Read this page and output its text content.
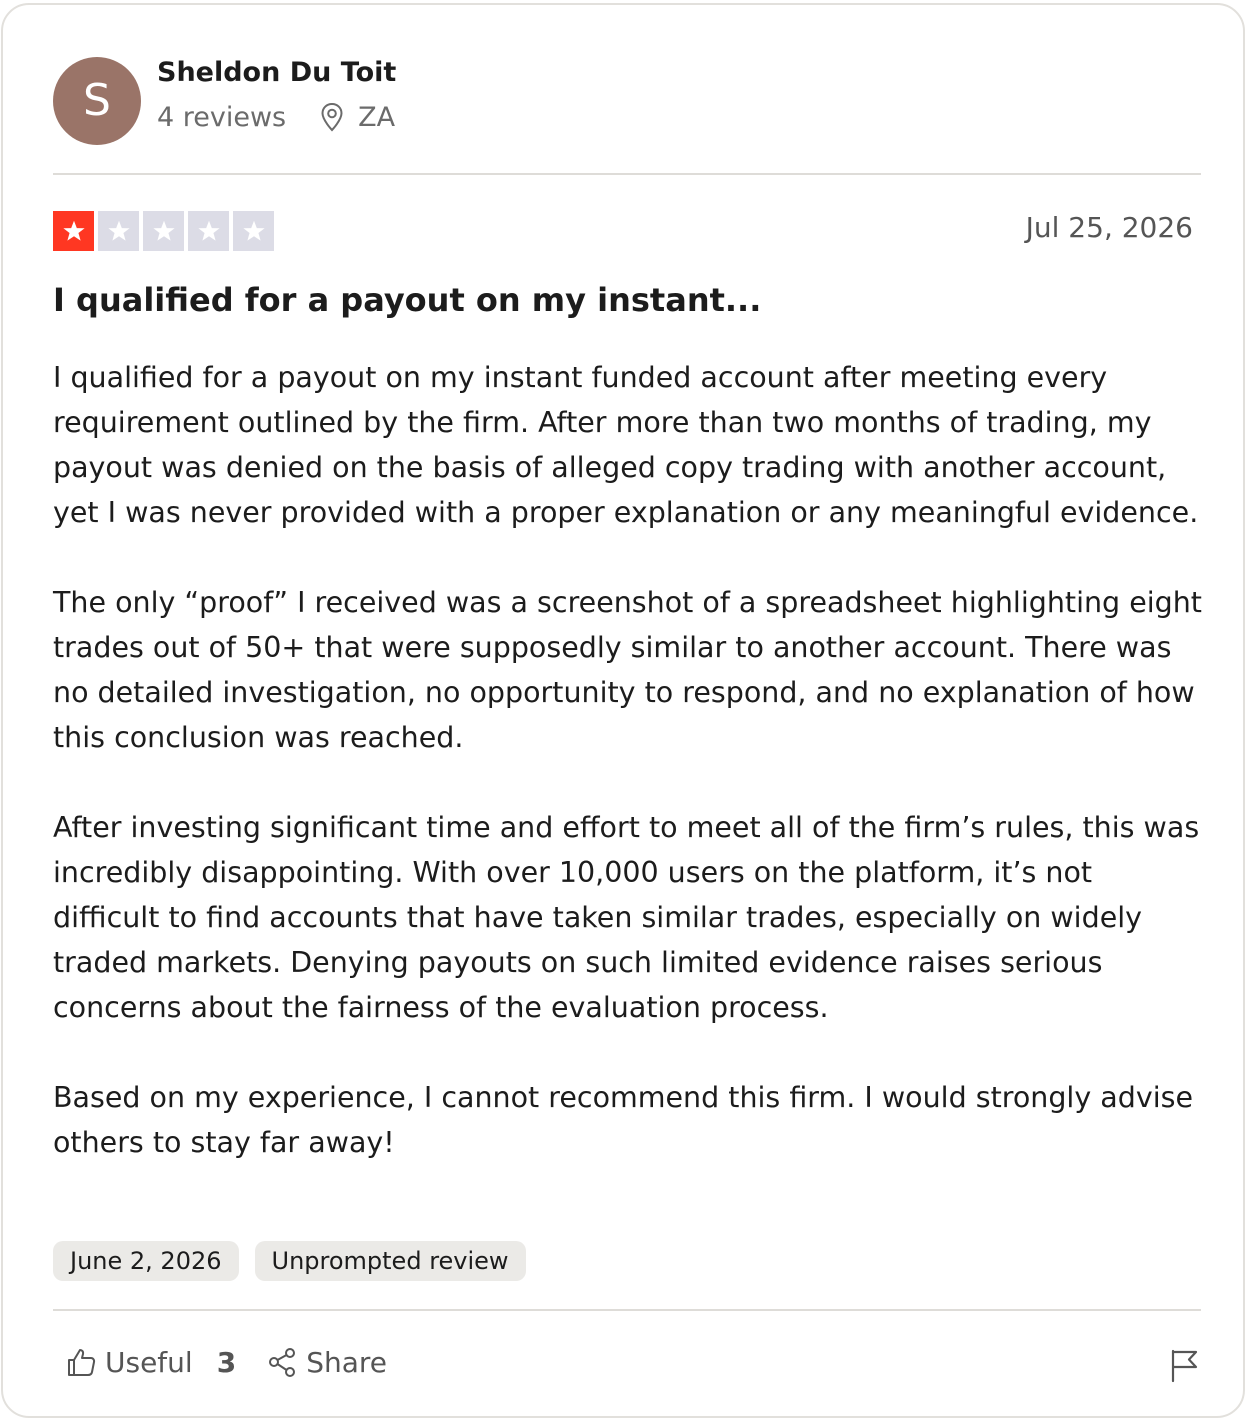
S
Sheldon Du Toit
4 reviews	ZA
Jul 25, 2026
I qualified for a payout on my instant...

I qualified for a payout on my instant funded account after meeting every requirement outlined by the firm. After more than two months of trading, my payout was denied on the basis of alleged copy trading with another account, yet I was never provided with a proper explanation or any meaningful evidence.

The only “proof” I received was a screenshot of a spreadsheet highlighting eight trades out of 50+ that were supposedly similar to another account. There was no detailed investigation, no opportunity to respond, and no explanation of how this conclusion was reached.

After investing significant time and effort to meet all of the firm’s rules, this was incredibly disappointing. With over 10,000 users on the platform, it’s not difficult to find accounts that have taken similar trades, especially on widely traded markets. Denying payouts on such limited evidence raises serious concerns about the fairness of the evaluation process.

Based on my experience, I cannot recommend this firm. I would strongly advise others to stay far away!

June 2, 2026	Unprompted review
Useful 3	Share
